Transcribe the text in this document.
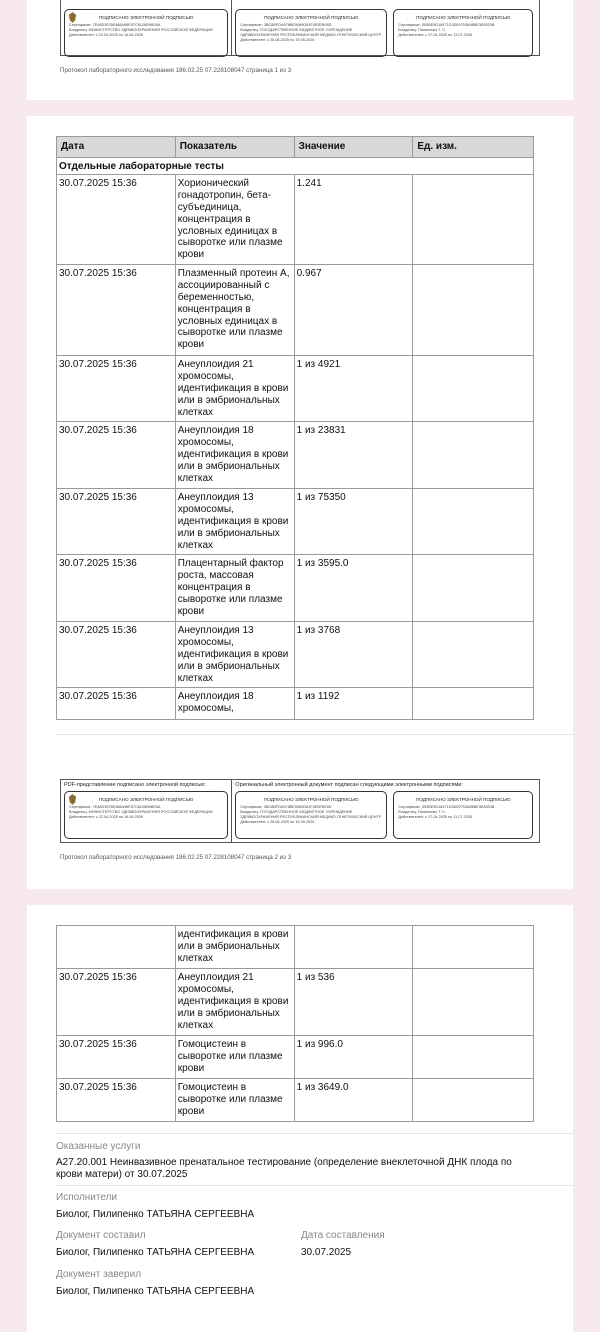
ПОДПИСАНО ЭЛЕКТРОННОЙ ПОДПИСЬЮ
Сертификат: 7E48D3578E488A96E57C8126B98D5A
Владелец: МИНИСТЕРСТВО ЗДРАВООХРАНЕНИЯ РОССИЙСКОЙ ФЕДЕРАЦИИ
Действителен: с 22.04.2025 по 16.06.2026
ПОДПИСАНО ЭЛЕКТРОННОЙ ПОДПИСЬЮ
Сертификат: 3BC8BFDA978BE9089D81F4E0EB09D
Владелец: ГОСУДАРСТВЕННОЕ БЮДЖЕТНОЕ УЧРЕЖДЕНИЕ ЗДРАВООХРАНЕНИЯ РЕСПУБЛИКАНСКИЙ МЕДИКО-ГЕНЕТИЧЕСКИЙ ЦЕНТР
Действителен: с 26.06.2025 по 19.09.2026
ПОДПИСАНО ЭЛЕКТРОННОЙ ПОДПИСЬЮ
Сертификат: 393BE9D16471D3D09753A9B8E3E8533B
Владелец: Пилипенко Т. С.
Действителен: с 17.04.2025 по 11.07.2026
Протокол лабораторного исследования 186.02.25 07.228108047 страница 1 из 3
Дата	Показатель	Значение	Ед. изм.
Отдельные лабораторные тесты			
30.07.2025 15:36	Хорионический гонадотропин, бета-субъединица, концентрация в условных единицах в сыворотке или плазме крови	1.241	
30.07.2025 15:36	Плазменный протеин А, ассоциированный с беременностью, концентрация в условных единицах в сыворотке или плазме крови	0.967	
30.07.2025 15:36	Анеуплоидия 21 хромосомы, идентификация в крови или в эмбриональных клетках	1 из 4921	
30.07.2025 15:36	Анеуплоидия 18 хромосомы, идентификация в крови или в эмбриональных клетках	1 из 23831	
30.07.2025 15:36	Анеуплоидия 13 хромосомы, идентификация в крови или в эмбриональных клетках	1 из 75350	
30.07.2025 15:36	Плацентарный фактор роста, массовая концентрация в сыворотке или плазме крови	1 из 3595.0	
30.07.2025 15:36	Анеуплоидия 13 хромосомы, идентификация в крови или в эмбриональных клетках	1 из 3768	
30.07.2025 15:36	Анеуплоидия 18 хромосомы,	1 из 1192	
PDF-представление подписано электронной подписью:
ПОДПИСАНО ЭЛЕКТРОННОЙ ПОДПИСЬЮ
Сертификат: 7E48D3578E488A96E57C8126B98D5A
Владелец: МИНИСТЕРСТВО ЗДРАВООХРАНЕНИЯ РОССИЙСКОЙ ФЕДЕРАЦИИ
Действителен: с 22.04.2025 по 16.06.2026
Оригинальный электронный документ подписан следующими электронными подписями:
ПОДПИСАНО ЭЛЕКТРОННОЙ ПОДПИСЬЮ
Сертификат: 3BC8BFDA978BE9089D81F4E0EB09D
Владелец: ГОСУДАРСТВЕННОЕ БЮДЖЕТНОЕ УЧРЕЖДЕНИЕ ЗДРАВООХРАНЕНИЯ РЕСПУБЛИКАНСКИЙ МЕДИКО-ГЕНЕТИЧЕСКИЙ ЦЕНТР
Действителен: с 26.06.2025 по 19.09.2026
ПОДПИСАНО ЭЛЕКТРОННОЙ ПОДПИСЬЮ
Сертификат: 393BE9D16471D3D09753A9B8E3E8533B
Владелец: Пилипенко Т. С.
Действителен: с 17.04.2025 по 11.07.2026
Протокол лабораторного исследования 186.02.25 07.228108047 страница 2 из 3
	идентификация в крови или в эмбриональных клетках		
30.07.2025 15:36	Анеуплоидия 21 хромосомы, идентификация в крови или в эмбриональных клетках	1 из 536	
30.07.2025 15:36	Гомоцистеин в сыворотке или плазме крови	1 из 996.0	
30.07.2025 15:36	Гомоцистеин в сыворотке или плазме крови	1 из 3649.0	
Оказанные услуги
А27.20.001 Неинвазивное пренатальное тестирование (определение внеклеточной ДНК плода по крови матери) от 30.07.2025
Исполнители
Биолог, Пилипенко ТАТЬЯНА СЕРГЕЕВНА
Документ составил	Дата составления
Биолог, Пилипенко ТАТЬЯНА СЕРГЕЕВНА	30.07.2025
Документ заверил
Биолог, Пилипенко ТАТЬЯНА СЕРГЕЕВНА
